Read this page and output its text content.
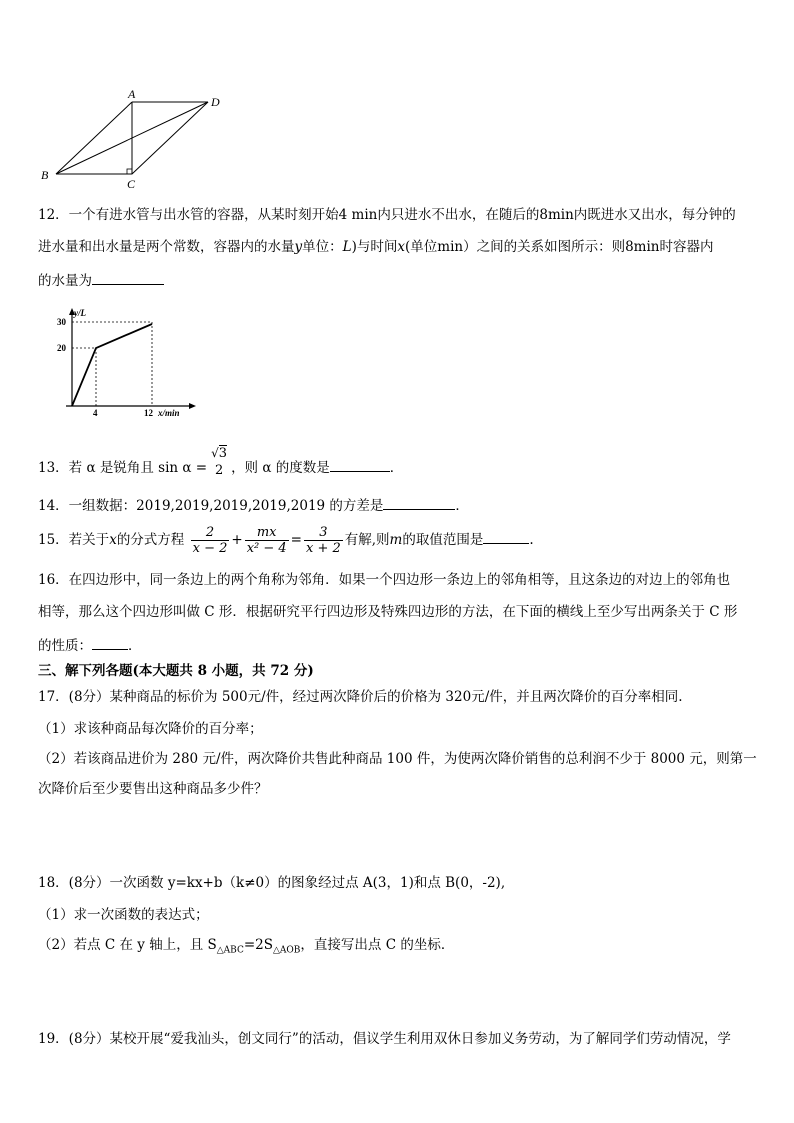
A
D
B
C
12．一个有进水管与出水管的容器，从某时刻开始4 min内只进水不出水，在随后的8min内既进水又出水，每分钟的
进水量和出水量是两个常数，容器内的水量y单位：L)与时间x(单位min）之间的关系如图所示：则8min时容器内
的水量为
y/L
30
20
4	12 x/min
13．若 α 是锐角且 $\sin \alpha = \frac{√3}{2}$ ，则 α 的度数是	．
14．一组数据：2019,2019,2019,2019,2019 的方差是	．
15．若关于x的分式方程 $\frac{2}{x - 2} + \frac{mx}{\text{x² − 4}} = \frac{3}{x + 2}$ 有解,则m的取值范围是	.
16．在四边形中，同一条边上的两个角称为邻角．如果一个四边形一条边上的邻角相等，且这条边的对边上的邻角也
相等，那么这个四边形叫做 C 形．根据研究平行四边形及特殊四边形的方法，在下面的横线上至少写出两条关于 C 形
的性质：	．
三、解下列各题(本大题共 8 小题，共 72 分)
17．(8分）某种商品的标价为 500元/件，经过两次降价后的价格为 320元/件，并且两次降价的百分率相同.
（1）求该种商品每次降价的百分率；
（2）若该商品进价为 280 元/件，两次降价共售此种商品 100 件，为使两次降价销售的总利润不少于 8000 元，则第一
次降价后至少要售出这种商品多少件？
18．(8分）一次函数 y=kx+b（k≠0）的图象经过点 A(3，1)和点 B(0，-2),
（1）求一次函数的表达式；
（2）若点 C 在 y 轴上，且 $S_{\triangle ABC}=2S_{\triangle AOB}$，直接写出点 C 的坐标．
19．(8分）某校开展“爱我汕头，创文同行”的活动，倡议学生利用双休日参加义务劳动，为了解同学们劳动情况，学
